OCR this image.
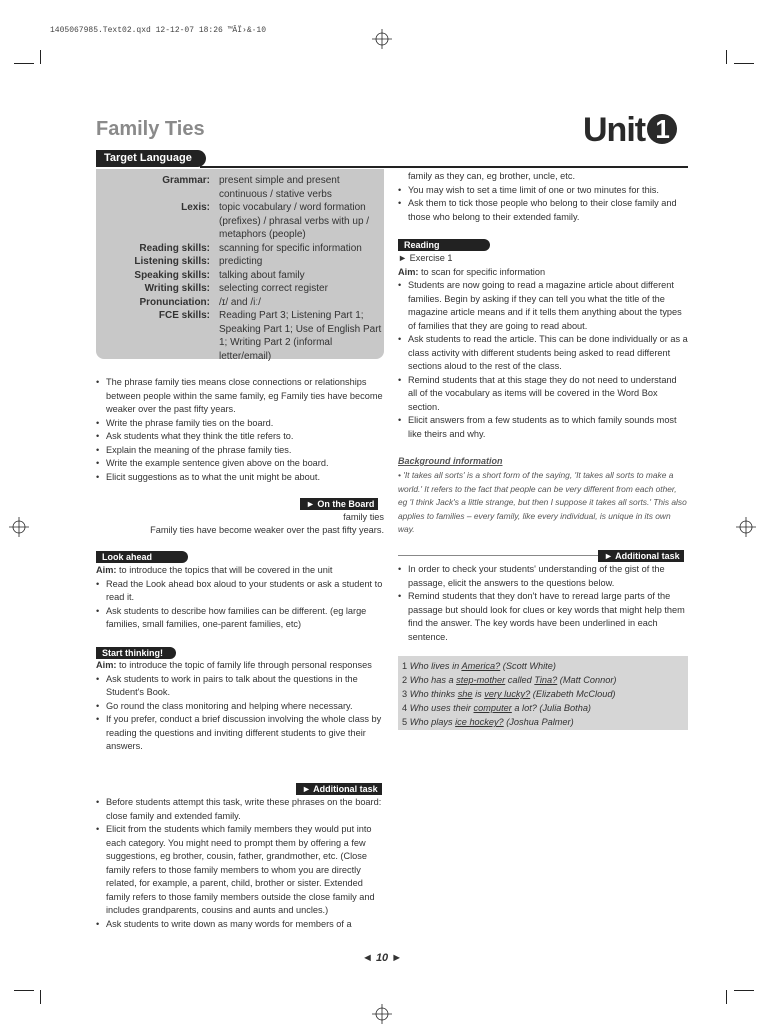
1405067985.Text02.qxd 12-12-07 18:26 ™ÂÏ›&·10
Family Ties	Unit 1
Target Language
Grammar: present simple and present
continuous / stative verbs
Lexis: topic vocabulary / word formation
(prefixes) / phrasal verbs with up /
metaphors (people)
Reading skills: scanning for specific information
Listening skills: predicting
Speaking skills: talking about family
Writing skills: selecting correct register
Pronunciation: /ɪ/ and /iː/
FCE skills: Reading Part 3; Listening Part 1;
Speaking Part 1; Use of English Part
1; Writing Part 2 (informal letter/email)
• The phrase family ties means close connections or relationships between people within the same family, eg Family ties have become weaker over the past fifty years.
• Write the phrase family ties on the board.
• Ask students what they think the title refers to.
• Explain the meaning of the phrase family ties.
• Write the example sentence given above on the board.
• Elicit suggestions as to what the unit might be about.
► On the Board
family ties
Family ties have become weaker over the past fifty years.
Look ahead
Aim: to introduce the topics that will be covered in the unit
• Read the Look ahead box aloud to your students or ask a student to read it.
• Ask students to describe how families can be different. (eg large families, small families, one-parent families, etc)
Start thinking!
Aim: to introduce the topic of family life through personal responses
• Ask students to work in pairs to talk about the questions in the Student's Book.
• Go round the class monitoring and helping where necessary.
• If you prefer, conduct a brief discussion involving the whole class by reading the questions and inviting different students to give their answers.
► Additional task
• Before students attempt this task, write these phrases on the board: close family and extended family.
• Elicit from the students which family members they would put into each category. You might need to prompt them by offering a few suggestions, eg brother, cousin, father, grandmother, etc. (Close family refers to those family members to whom you are directly related, for example, a parent, child, brother or sister. Extended family refers to those family members outside the close family and includes grandparents, cousins and aunts and uncles.)
• Ask students to write down as many words for members of a
family as they can, eg brother, uncle, etc.
• You may wish to set a time limit of one or two minutes for this.
• Ask them to tick those people who belong to their close family and those who belong to their extended family.
Reading
► Exercise 1
Aim: to scan for specific information
• Students are now going to read a magazine article about different families. Begin by asking if they can tell you what the title of the magazine article means and if it tells them anything about the types of families that they are going to read about.
• Ask students to read the article. This can be done individually or as a class activity with different students being asked to read different sections aloud to the rest of the class.
• Remind students that at this stage they do not need to understand all of the vocabulary as items will be covered in the Word Box section.
• Elicit answers from a few students as to which family sounds most like theirs and why.
Background information
• 'It takes all sorts' is a short form of the saying, 'It takes all sorts to make a world.' It refers to the fact that people can be very different from each other, eg 'I think Jack's a little strange, but then I suppose it takes all sorts.' This also applies to families – every family, like every individual, is unique in its own way.
► Additional task
• In order to check your students' understanding of the gist of the passage, elicit the answers to the questions below.
• Remind students that they don't have to reread large parts of the passage but should look for clues or key words that might help them find the answer. The key words have been underlined in each sentence.
1 Who lives in America? (Scott White)
2 Who has a step-mother called Tina? (Matt Connor)
3 Who thinks she is very lucky? (Elizabeth McCloud)
4 Who uses their computer a lot? (Julia Botha)
5 Who plays ice hockey? (Joshua Palmer)
◄ 10 ►
